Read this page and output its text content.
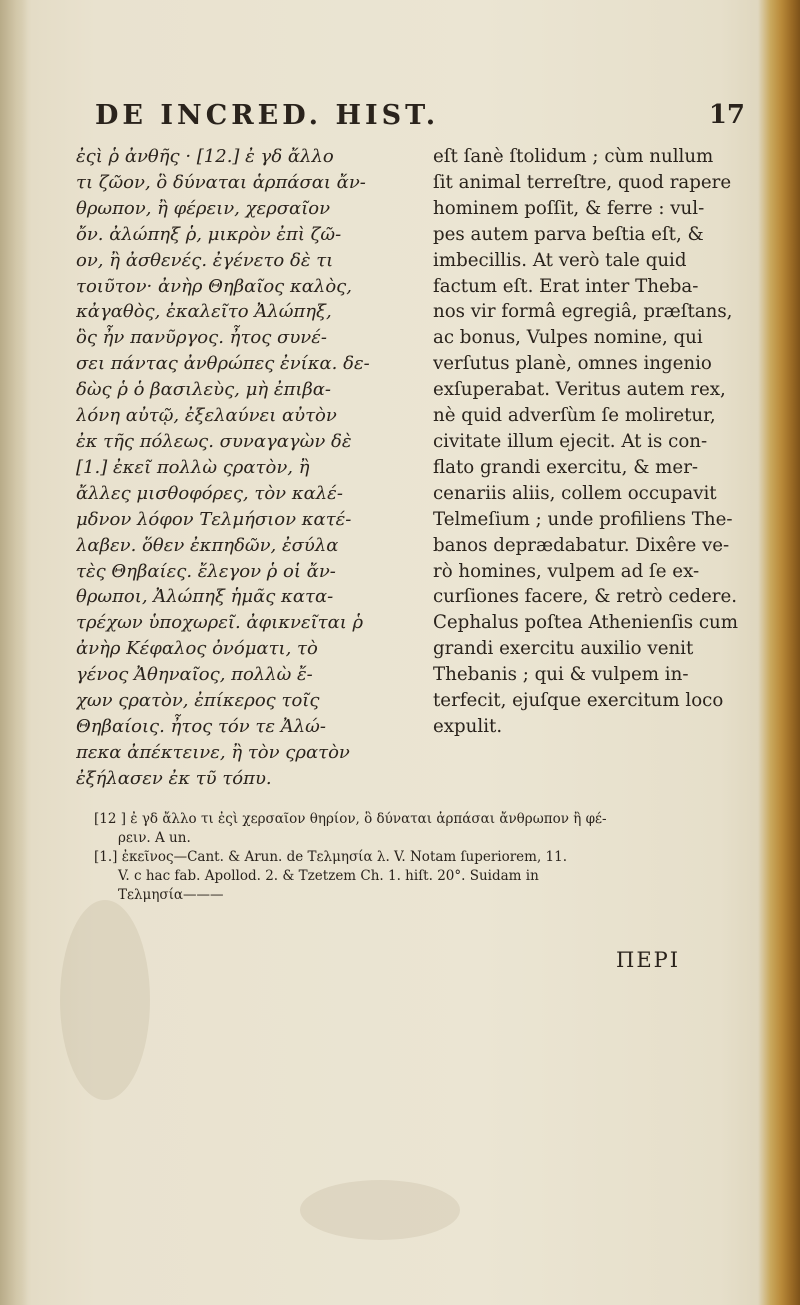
DE INCRED. HIST.	17
ἐςὶ ῥ ἀνθῆς · [12.] ἐ γδ ἄλλο
τι ζῶον, ὃ δύναται ἁρπάσαι ἄν-
θρωπον, ἢ φέρειν, χερσαῖον
ὄν. ἀλώπηξ ῥ, μικρὸν ἐπὶ ζῶ-
ον, ἢ ἀσθενές. ἐγένετο δὲ τι
τοιῦτον· ἀνὴρ Θηβαῖος καλὸς,
κἀγαθὸς, ἐκαλεῖτο Ἀλώπηξ,
ὃς ἦν πανῦργος. ἦτος συνέ-
σει πάντας ἀνθρώπες ἐνίκα. δε-
δὼς ῥ ὁ βασιλεὺς, μὴ ἐπιβα-
λόνη αὐτῷ, ἐξελαύνει αὐτὸν
ἐκ τῆς πόλεως. συναγαγὼν δὲ
[1.] ἐκεῖ πολλὼ ςρατὸν, ἢ
ἄλλες μισθοφόρες, τὸν καλέ-
μδνον λόφον Τελμήσιον κατέ-
λαβεν. ὅθεν ἐκπηδῶν, ἐσύλα
τὲς Θηβαίες. ἔλεγον ῥ οἱ ἄν-
θρωποι, Ἀλώπηξ ἡμᾶς κατα-
τρέχων ὑποχωρεῖ. ἀφικνεῖται ῥ
ἀνὴρ Κέφαλος ὀνόματι, τὸ
γένος Ἀθηναῖος, πολλὼ ἔ-
χων ςρατὸν, ἐπίκερος τοῖς
Θηβαίοις. ἦτος τόν τε Ἀλώ-
πεκα ἀπέκτεινε, ἢ τὸν ςρατὸν
ἐξήλασεν ἐκ τῦ τόπυ.
eſt ſanè ſtolidum ; cùm nullum
ſit animal terreſtre, quod rapere
hominem poſſit, & ferre : vul-
pes autem parva beſtia eſt, &
imbecillis. At verò tale quid
factum eſt. Erat inter Theba-
nos vir formâ egregiâ, præſtans,
ac bonus, Vulpes nomine, qui
verſutus planè, omnes ingenio
exſuperabat. Veritus autem rex,
nè quid adverſùm ſe moliretur,
civitate illum ejecit. At is con-
flato grandi exercitu, & mer-
cenariis aliis, collem occupavit
Telmeſium ; unde profiliens The-
banos deprædabatur. Dixêre ve-
rò homines, vulpem ad ſe ex-
curſiones facere, & retrò cedere.
Cephalus poſtea Athenienſis cum
grandi exercitu auxilio venit
Thebanis ; qui & vulpem in-
terfecit, ejuſque exercitum loco
expulit.
[12 ] ἐ γδ ἄλλο τι ἐςὶ χερσαῖον θηρίον, ὃ δύναται ἁρπάσαι ἄνθρωπον ἢ φέ-
ρειν. A un.
[1.] ἐκεῖνος—Cant. & Arun. de Τελμησία λ. V. Notam ſuperiorem, 11.
V. c hac fab. Apollod. 2. & Tzetzem Ch. 1. hiſt. 20°. Suidam in
Τελμησία———
ΠΕΡΙ
